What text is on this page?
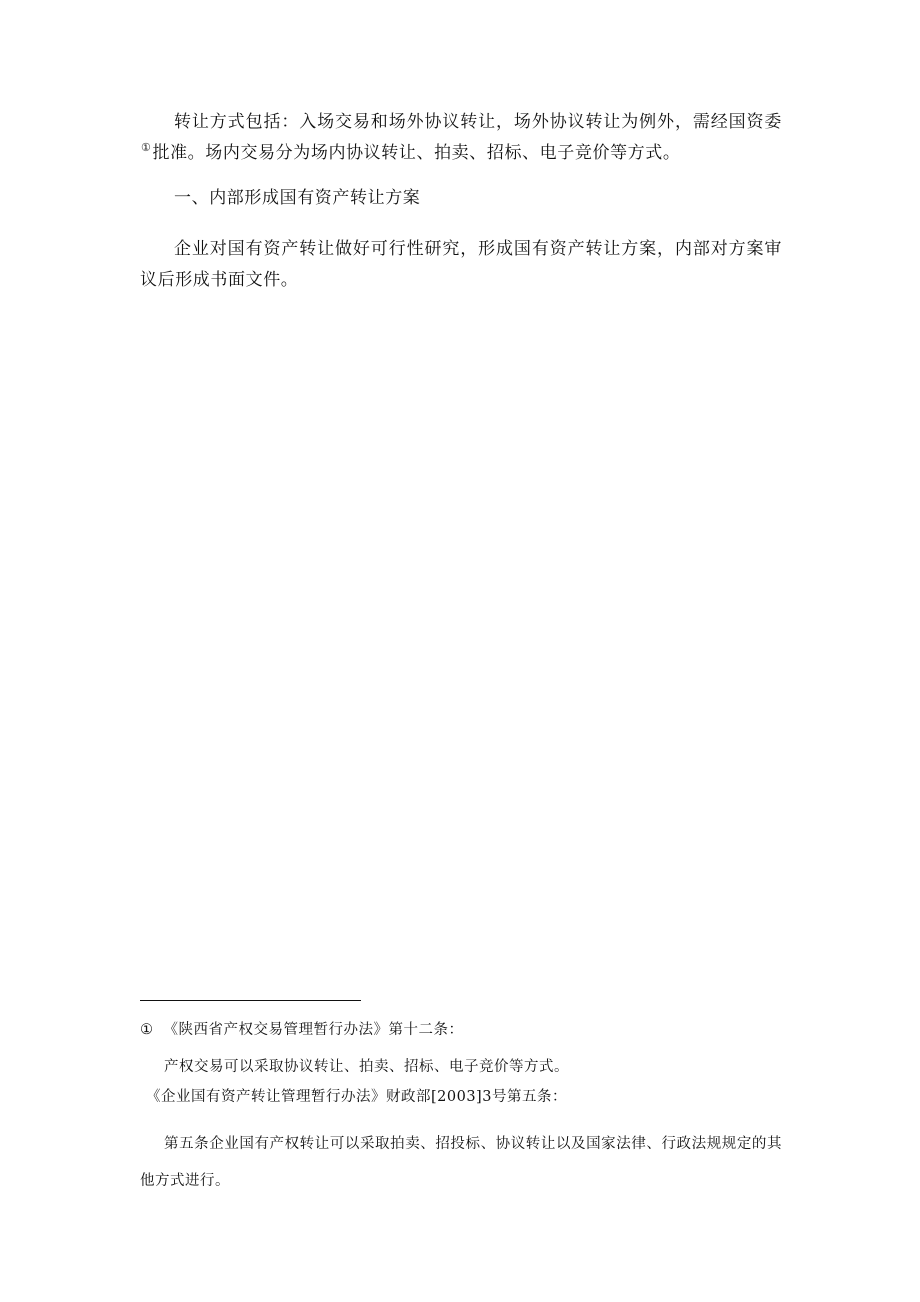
转让方式包括：入场交易和场外协议转让，场外协议转让为例外，需经国资委①批准。场内交易分为场内协议转让、拍卖、招标、电子竞价等方式。

一、内部形成国有资产转让方案

企业对国有资产转让做好可行性研究，形成国有资产转让方案，内部对方案审议后形成书面文件。

① 《陕西省产权交易管理暂行办法》第十二条：

产权交易可以采取协议转让、拍卖、招标、电子竞价等方式。

《企业国有资产转让管理暂行办法》财政部[2003]3号第五条：

第五条企业国有产权转让可以采取拍卖、招投标、协议转让以及国家法律、行政法规规定的其他方式进行。
